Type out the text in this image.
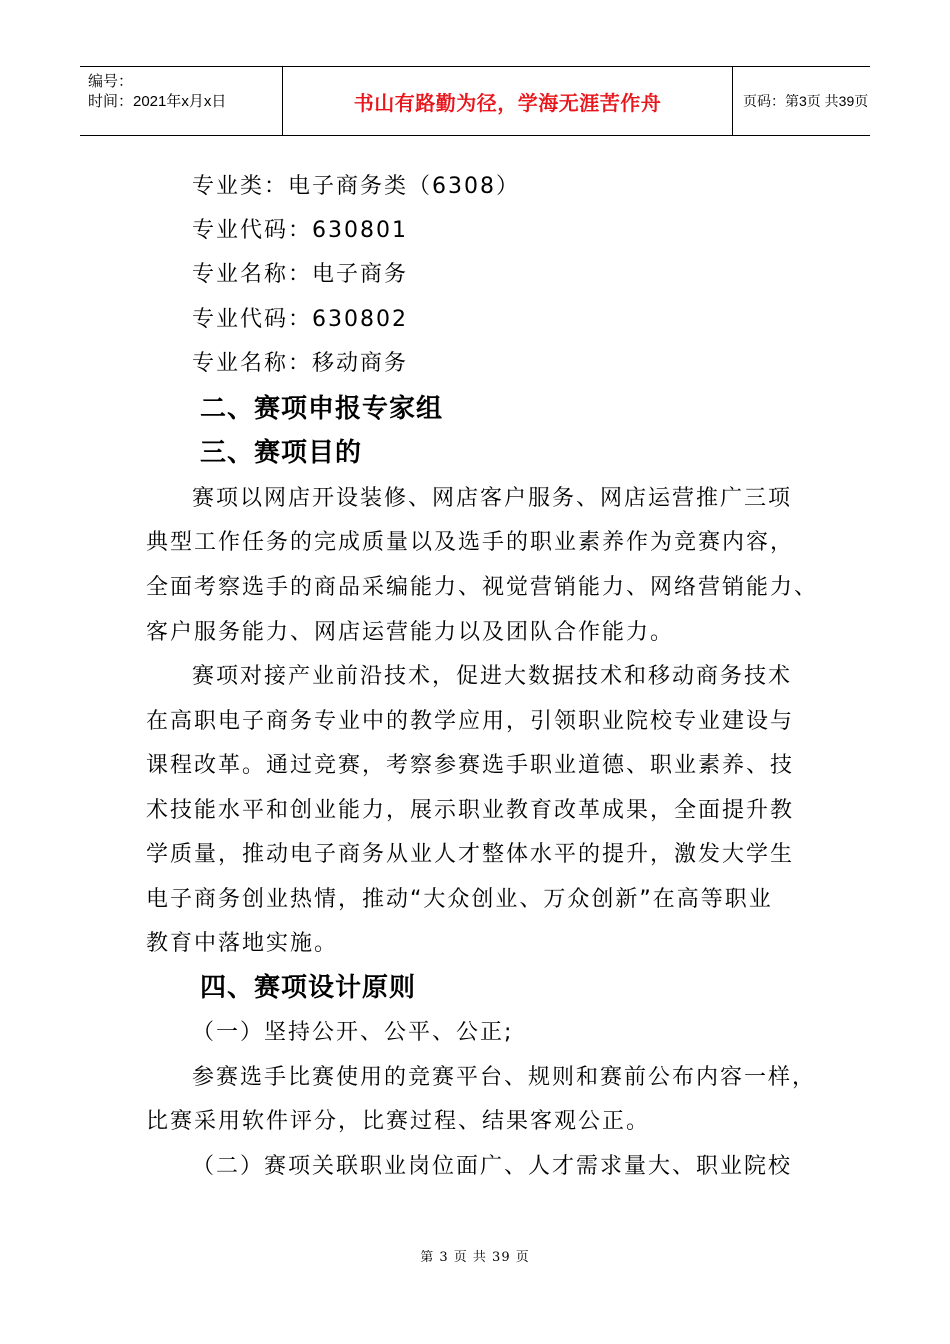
编号：
时间：2021年x月x日	书山有路勤为径，学海无涯苦作舟	页码：第3页 共39页
专业类：电子商务类（6308）
专业代码：630801
专业名称：电子商务
专业代码：630802
专业名称：移动商务
二、赛项申报专家组
三、赛项目的
赛项以网店开设装修、网店客户服务、网店运营推广三项
典型工作任务的完成质量以及选手的职业素养作为竞赛内容，
全面考察选手的商品采编能力、视觉营销能力、网络营销能力、
客户服务能力、网店运营能力以及团队合作能力。
赛项对接产业前沿技术，促进大数据技术和移动商务技术
在高职电子商务专业中的教学应用，引领职业院校专业建设与
课程改革。通过竞赛，考察参赛选手职业道德、职业素养、技
术技能水平和创业能力，展示职业教育改革成果，全面提升教
学质量，推动电子商务从业人才整体水平的提升，激发大学生
电子商务创业热情，推动“大众创业、万众创新”在高等职业
教育中落地实施。
四、赛项设计原则
（一）坚持公开、公平、公正;
参赛选手比赛使用的竞赛平台、规则和赛前公布内容一样，
比赛采用软件评分，比赛过程、结果客观公正。
（二）赛项关联职业岗位面广、人才需求量大、职业院校
第 3 页 共 39 页
